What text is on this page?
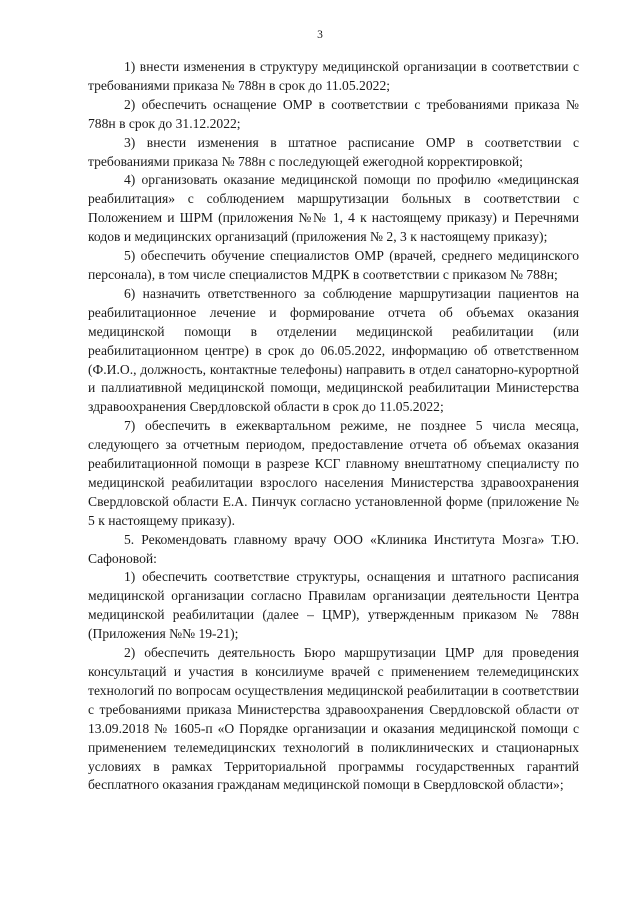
3

1) внести изменения в структуру медицинской организации в соответствии с требованиями приказа № 788н в срок до 11.05.2022;

2) обеспечить оснащение ОМР в соответствии с требованиями приказа № 788н в срок до 31.12.2022;

3) внести изменения в штатное расписание ОМР в соответствии с требованиями приказа № 788н с последующей ежегодной корректировкой;

4) организовать оказание медицинской помощи по профилю «медицинская реабилитация» с соблюдением маршрутизации больных в соответствии с Положением и ШРМ (приложения №№ 1, 4 к настоящему приказу) и Перечнями кодов и медицинских организаций (приложения № 2, 3 к настоящему приказу);

5) обеспечить обучение специалистов ОМР (врачей, среднего медицинского персонала), в том числе специалистов МДРК в соответствии с приказом № 788н;

6) назначить ответственного за соблюдение маршрутизации пациентов на реабилитационное лечение и формирование отчета об объемах оказания медицинской помощи в отделении медицинской реабилитации (или реабилитационном центре) в срок до 06.05.2022, информацию об ответственном (Ф.И.О., должность, контактные телефоны) направить в отдел санаторно-курортной и паллиативной медицинской помощи, медицинской реабилитации Министерства здравоохранения Свердловской области в срок до 11.05.2022;

7) обеспечить в ежеквартальном режиме, не позднее 5 числа месяца, следующего за отчетным периодом, предоставление отчета об объемах оказания реабилитационной помощи в разрезе КСГ главному внештатному специалисту по медицинской реабилитации взрослого населения Министерства здравоохранения Свердловской области Е.А. Пинчук согласно установленной форме (приложение № 5 к настоящему приказу).

5. Рекомендовать главному врачу ООО «Клиника Института Мозга» Т.Ю. Сафоновой:

1) обеспечить соответствие структуры, оснащения и штатного расписания медицинской организации согласно Правилам организации деятельности Центра медицинской реабилитации (далее – ЦМР), утвержденным приказом № 788н (Приложения №№ 19-21);

2) обеспечить деятельность Бюро маршрутизации ЦМР для проведения консультаций и участия в консилиуме врачей с применением телемедицинских технологий по вопросам осуществления медицинской реабилитации в соответствии с требованиями приказа Министерства здравоохранения Свердловской области от 13.09.2018 № 1605-п «О Порядке организации и оказания медицинской помощи с применением телемедицинских технологий в поликлинических и стационарных условиях в рамках Территориальной программы государственных гарантий бесплатного оказания гражданам медицинской помощи в Свердловской области»;
